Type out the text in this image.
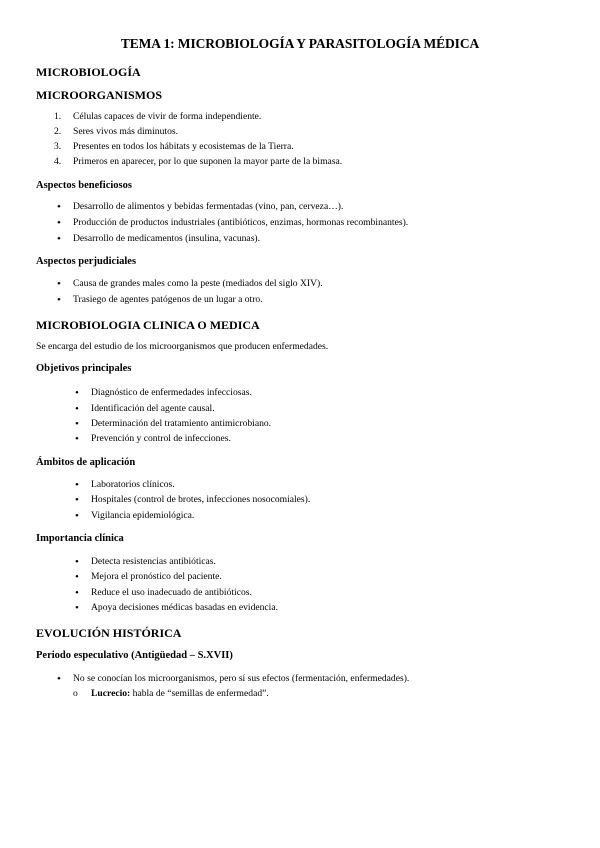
TEMA 1: MICROBIOLOGÍA Y PARASITOLOGÍA MÉDICA
MICROBIOLOGÍA
MICROORGANISMOS
1. Células capaces de vivir de forma independiente.
2. Seres vivos más diminutos.
3. Presentes en todos los hábitats y ecosistemas de la Tierra.
4. Primeros en aparecer, por lo que suponen la mayor parte de la bimasa.
Aspectos beneficiosos
• Desarrollo de alimentos y bebidas fermentadas (vino, pan, cerveza…).
• Producción de productos industriales (antibióticos, enzimas, hormonas recombinantes).
• Desarrollo de medicamentos (insulina, vacunas).
Aspectos perjudiciales
• Causa de grandes males como la peste (mediados del siglo XIV).
• Trasiego de agentes patógenos de un lugar a otro.
MICROBIOLOGIA CLINICA O MEDICA
Se encarga del estudio de los microorganismos que producen enfermedades.
Objetivos principales
• Diagnóstico de enfermedades infecciosas.
• Identificación del agente causal.
• Determinación del tratamiento antimicrobiano.
• Prevención y control de infecciones.
Ámbitos de aplicación
• Laboratorios clínicos.
• Hospitales (control de brotes, infecciones nosocomiales).
• Vigilancia epidemiológica.
Importancia clínica
• Detecta resistencias antibióticas.
• Mejora el pronóstico del paciente.
• Reduce el uso inadecuado de antibióticos.
• Apoya decisiones médicas basadas en evidencia.
EVOLUCIÓN HISTÓRICA
Periodo especulativo (Antigüedad – S.XVII)
• No se conocían los microorganismos, pero sí sus efectos (fermentación, enfermedades).
o Lucrecio: habla de “semillas de enfermedad”.
